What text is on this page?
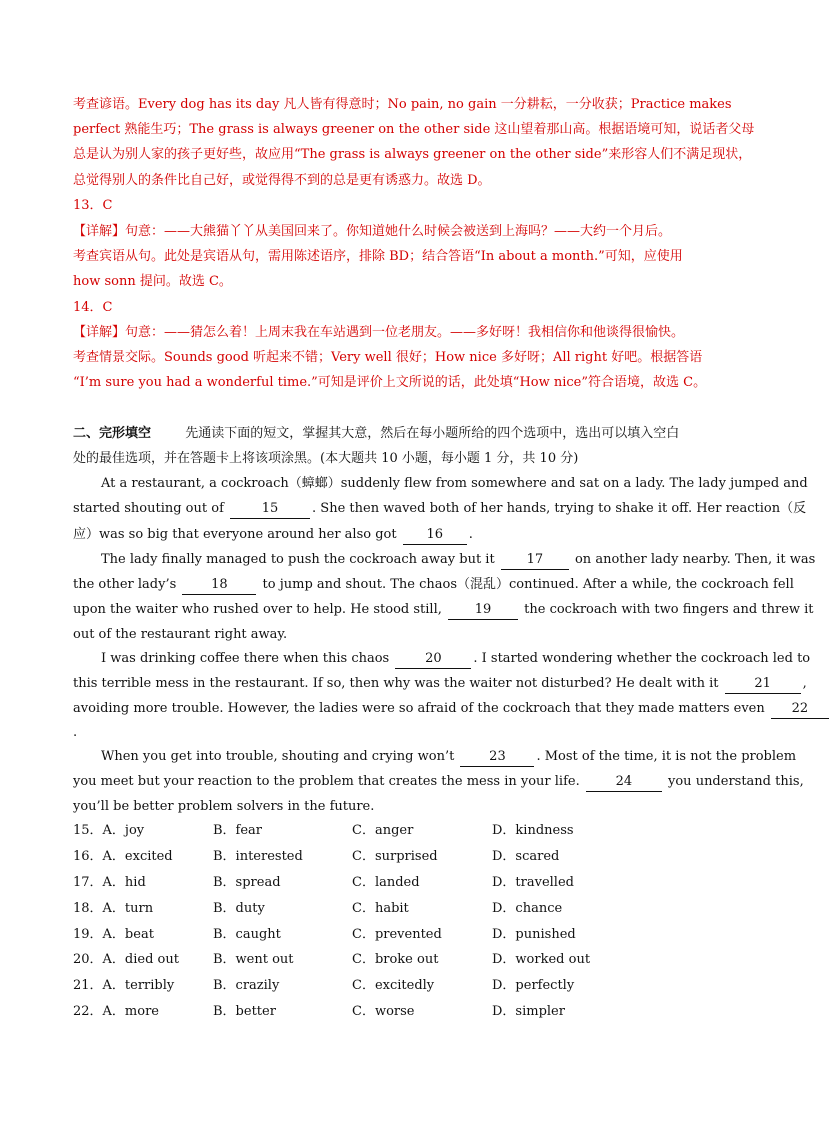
考查谚语。Every dog has its day 凡人皆有得意时；No pain, no gain 一分耕耘，一分收获；Practice makes
perfect 熟能生巧；The grass is always greener on the other side 这山望着那山高。根据语境可知，说话者父母
总是认为别人家的孩子更好些，故应用“The grass is always greener on the other side”来形容人们不满足现状，
总觉得别人的条件比自己好，或觉得得不到的总是更有诱惑力。故选 D。
13．C
【详解】句意：——大熊猫丫丫从美国回来了。你知道她什么时候会被送到上海吗？——大约一个月后。
考查宾语从句。此处是宾语从句，需用陈述语序，排除 BD；结合答语“In about a month.”可知，应使用
how sonn 提问。故选 C。
14．C
【详解】句意：——猜怎么着！上周末我在车站遇到一位老朋友。——多好呀！我相信你和他谈得很愉快。
考查情景交际。Sounds good 听起来不错；Very well 很好；How nice 多好呀；All right 好吧。根据答语
“I’m sure you had a wonderful time.”可知是评价上文所说的话，此处填“How nice”符合语境，故选 C。
二、完形填空	先通读下面的短文，掌握其大意，然后在每小题所给的四个选项中，选出可以填入空白
处的最佳选项，并在答题卡上将该项涂黑。(本大题共 10 小题，每小题 1 分，共 10 分)
At a restaurant, a cockroach（蟑螂）suddenly flew from somewhere and sat on a lady. The lady jumped and
started shouting out of	15	. She then waved both of her hands, trying to shake it off. Her reaction（反
应）was so big that everyone around her also got 16 .
The lady finally managed to push the cockroach away but it 17 on another lady nearby. Then, it was
the other lady’s	18	to jump and shout. The chaos（混乱）continued. After a while, the cockroach fell
upon the waiter who rushed over to help. He stood still,	19	the cockroach with two fingers and threw it
out of the restaurant right away.
I was drinking coffee there when this chaos	20 . I started wondering whether the cockroach led to
this terrible mess in the restaurant. If so, then why was the waiter not disturbed? He dealt with it	21 ,
avoiding more trouble. However, the ladies were so afraid of the cockroach that they made matters even 22
.
When you get into trouble, shouting and crying won’t	23 . Most of the time, it is not the problem
you meet but your reaction to the problem that creates the mess in your life.	24	you understand this,
you’ll be better problem solvers in the future.
15．A．joy	B．fear	C．anger	D．kindness
16．A．excited	B．interested	C．surprised	D．scared
17．A．hid	B．spread	C．landed	D．travelled
18．A．turn	B．duty	C．habit	D．chance
19．A．beat	B．caught	C．prevented	D．punished
20．A．died out	B．went out	C．broke out	D．worked out
21．A．terribly	B．crazily	C．excitedly	D．perfectly
22．A．more	B．better	C．worse	D．simpler
